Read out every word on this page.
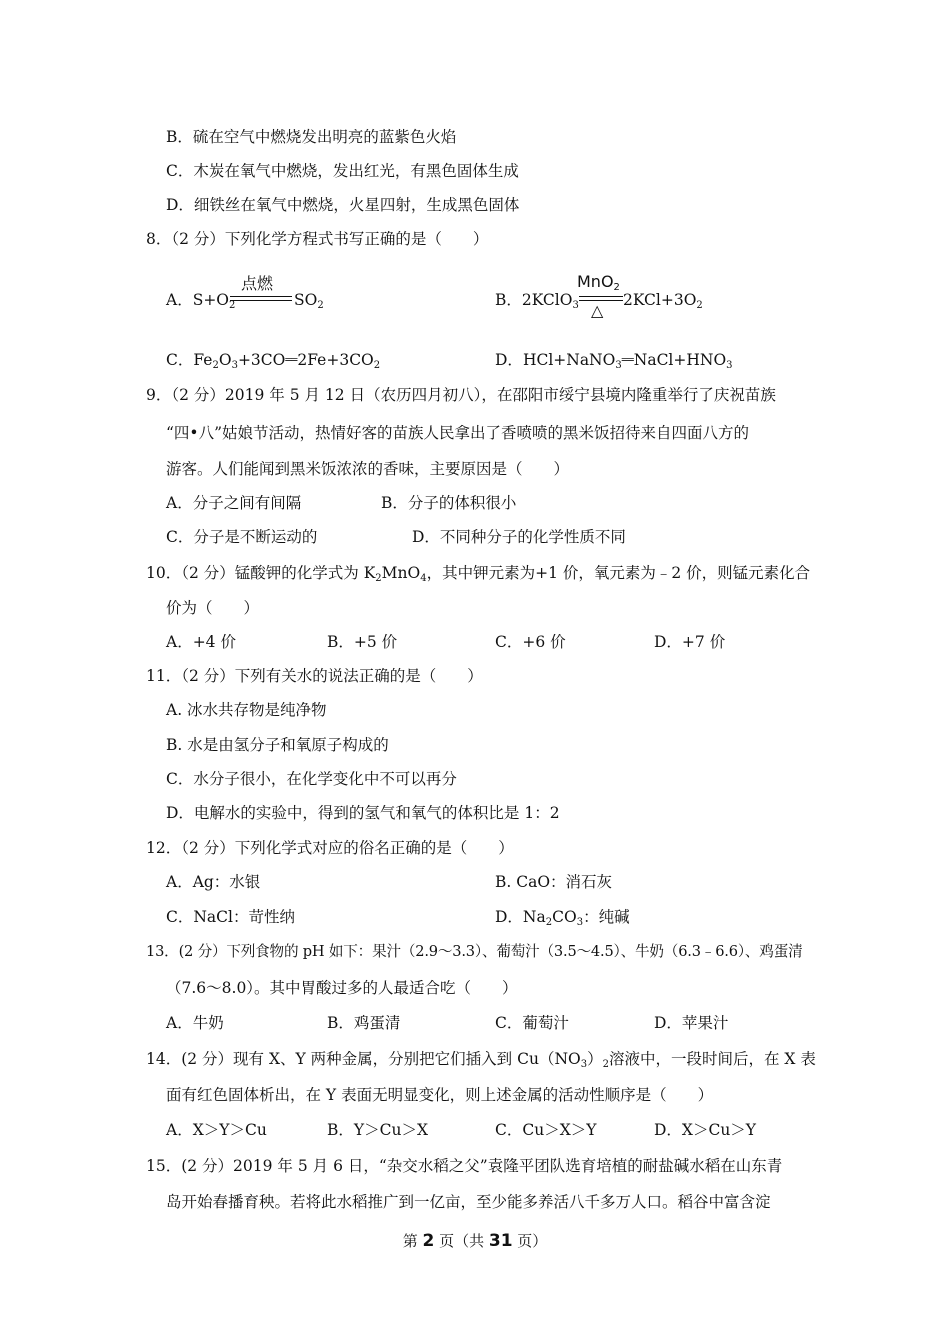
B．硫在空气中燃烧发出明亮的蓝紫色火焰
C．木炭在氧气中燃烧，发出红光，有黑色固体生成
D．细铁丝在氧气中燃烧，火星四射，生成黑色固体
8．（2 分）下列化学方程式书写正确的是（　　）
A．$S+O_2$
点燃
$SO_2$	B．2KClO$_3$
MnO$_2$
△
$2KCl+3O_2$
C．$Fe_2O_3+3CO══2Fe+3CO_2$	D．$HCl+NaNO_3══NaCl+HNO_3$
9．（2 分）2019 年 5 月 12 日（农历四月初八），在邵阳市绥宁县境内隆重举行了庆祝苗族
“四•八”姑娘节活动，热情好客的苗族人民拿出了香喷喷的黑米饭招待来自四面八方的
游客。人们能闻到黑米饭浓浓的香味，主要原因是（　　）
A．分子之间有间隔	B．分子的体积很小
C．分子是不断运动的	D．不同种分子的化学性质不同
10．（2 分）锰酸钾的化学式为 $K_2MnO_4$，其中钾元素为+1 价，氧元素为﹣2 价，则锰元素化合
价为（　　）
A．+4 价	B．+5 价	C．+6 价	D．+7 价
11．（2 分）下列有关水的说法正确的是（　　）
A. 冰水共存物是纯净物
B. 水是由氢分子和氧原子构成的
C．水分子很小，在化学变化中不可以再分
D．电解水的实验中，得到的氢气和氧气的体积比是 1：2
12．（2 分）下列化学式对应的俗名正确的是（　　）
A．Ag：水银	B. CaO：消石灰
C．NaCl：苛性纳	D．$Na_2CO_3$：纯碱
13．(2 分）下列食物的 pH 如下：果汁（2.9～3.3）、葡萄汁（3.5～4.5）、牛奶（6.3﹣6.6）、鸡蛋清
（7.6～8.0）。其中胃酸过多的人最适合吃（　　）
A．牛奶	B．鸡蛋清	C．葡萄汁	D．苹果汁
14．(2 分）现有 X、Y 两种金属，分别把它们插入到 $Cu(NO_3)_2$溶液中，一段时间后，在 X 表
面有红色固体析出，在 Y 表面无明显变化，则上述金属的活动性顺序是（　　）
A．X＞Y＞Cu	B．Y＞Cu＞X	C．Cu＞X＞Y	D．X＞Cu＞Y
15．(2 分）2019 年 5 月 6 日，“杂交水稻之父”袁隆平团队选育培植的耐盐碱水稻在山东青
岛开始春播育秧。若将此水稻推广到一亿亩，至少能多养活八千多万人口。稻谷中富含淀
第 2 页（共 31 页）
